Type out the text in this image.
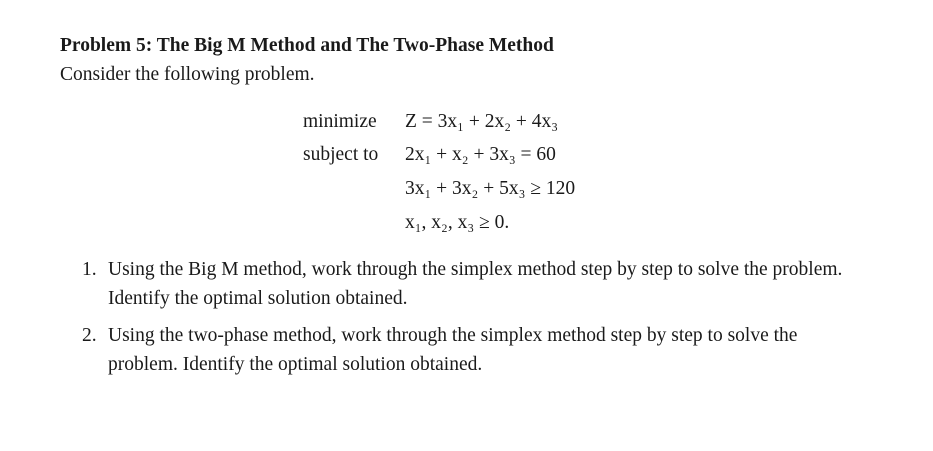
Problem 5: The Big M Method and The Two-Phase Method
Consider the following problem.
minimize Z = 3x₁ + 2x₂ + 4x₃
subject to 2x₁ + x₂ + 3x₃ = 60
3x₁ + 3x₂ + 5x₃ ≥ 120
x₁, x₂, x₃ ≥ 0.
1. Using the Big M method, work through the simplex method step by step to solve the problem. Identify the optimal solution obtained.
2. Using the two-phase method, work through the simplex method step by step to solve the problem. Identify the optimal solution obtained.
